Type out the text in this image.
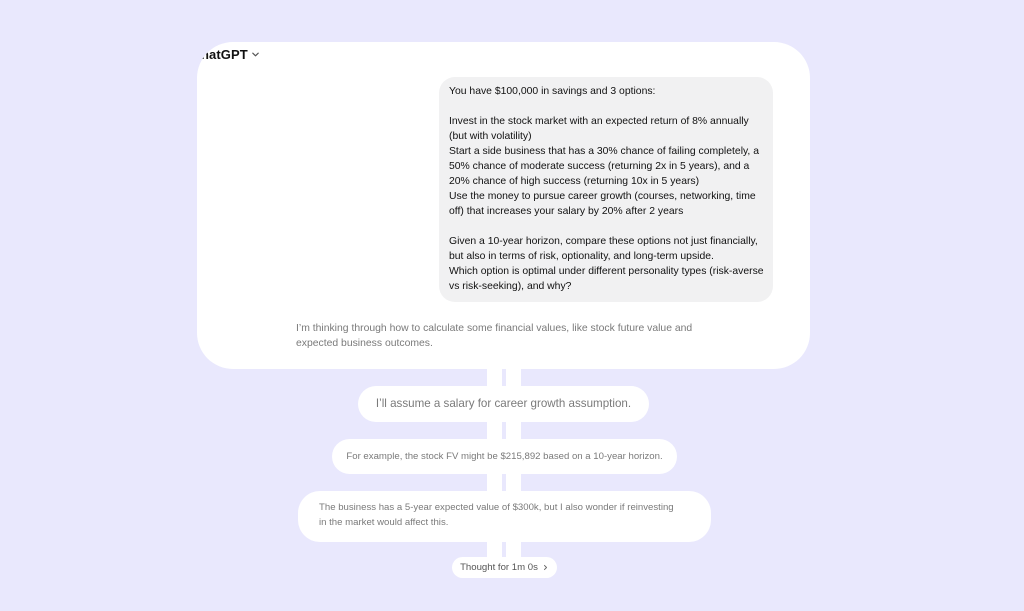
natGPT
You have $100,000 in savings and 3 options:
Invest in the stock market with an expected return of 8% annually
(but with volatility)
Start a side business that has a 30% chance of failing completely, a
50% chance of moderate success (returning 2x in 5 years), and a
20% chance of high success (returning 10x in 5 years)
Use the money to pursue career growth (courses, networking, time
off) that increases your salary by 20% after 2 years
Given a 10-year horizon, compare these options not just financially,
but also in terms of risk, optionality, and long-term upside.
Which option is optimal under different personality types (risk-averse
vs risk-seeking), and why?
I’m thinking through how to calculate some financial values, like stock future value and expected business outcomes.
I’ll assume a salary for career growth assumption.
For example, the stock FV might be $215,892 based on a 10-year horizon.
The business has a 5-year expected value of $300k, but I also wonder if reinvesting
in the market would affect this.
Thought for 1m 0s
